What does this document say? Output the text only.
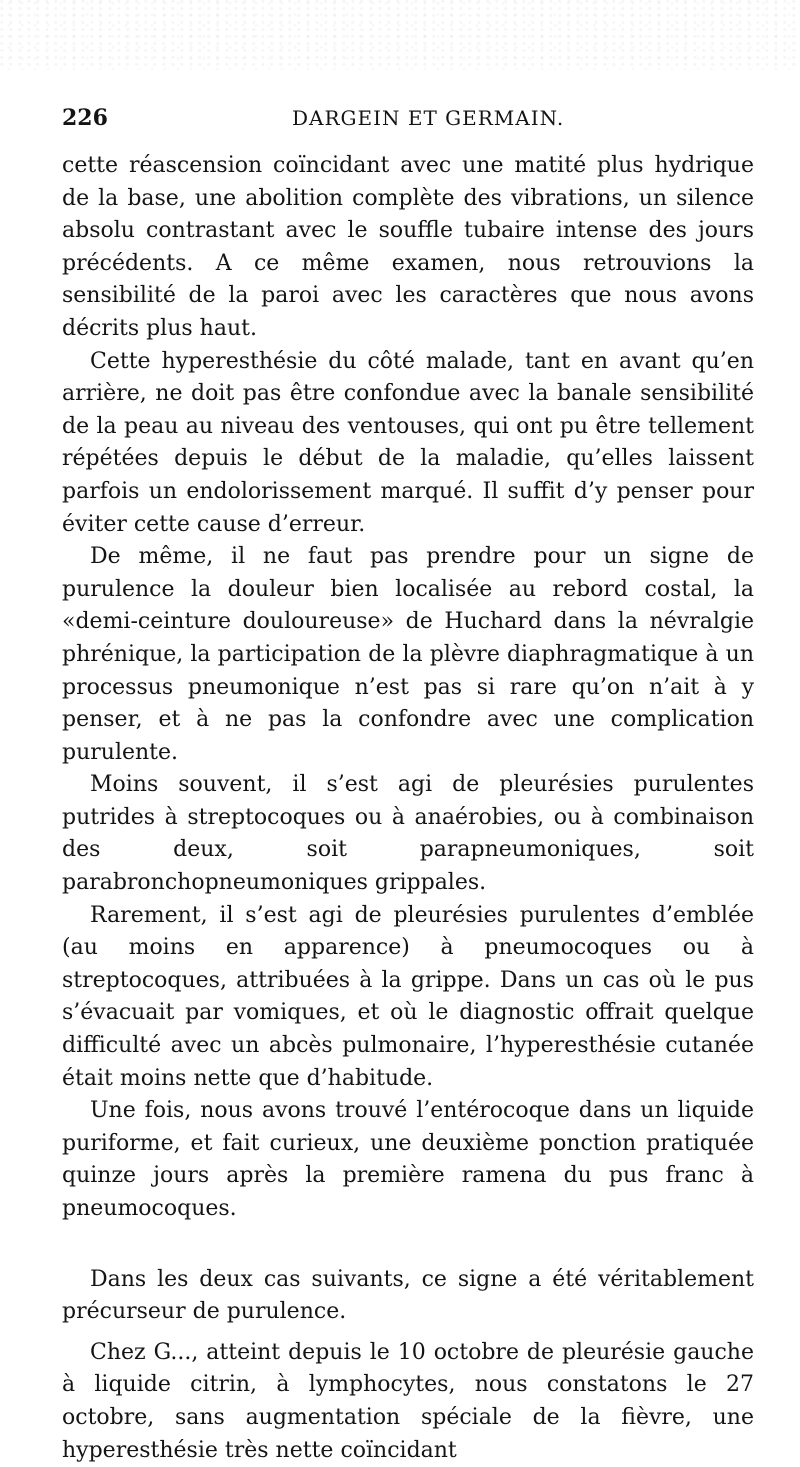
226	DARGEIN ET GERMAIN.

cette réascension coïncidant avec une matité plus hydrique de la base, une abolition complète des vibrations, un silence absolu contrastant avec le souffle tubaire intense des jours précédents. A ce même examen, nous retrouvions la sensibilité de la paroi avec les caractères que nous avons décrits plus haut.

Cette hyperesthésie du côté malade, tant en avant qu’en arrière, ne doit pas être confondue avec la banale sensibilité de la peau au niveau des ventouses, qui ont pu être tellement répétées depuis le début de la maladie, qu’elles laissent parfois un endolorissement marqué. Il suffit d’y penser pour éviter cette cause d’erreur.

De même, il ne faut pas prendre pour un signe de purulence la douleur bien localisée au rebord costal, la «demi-ceinture douloureuse» de Huchard dans la névralgie phrénique, la participation de la plèvre diaphragmatique à un processus pneumonique n’est pas si rare qu’on n’ait à y penser, et à ne pas la confondre avec une complication purulente.

Moins souvent, il s’est agi de pleurésies purulentes putrides à streptocoques ou à anaérobies, ou à combinaison des deux, soit parapneumoniques, soit parabronchopneumoniques grippales.

Rarement, il s’est agi de pleurésies purulentes d’emblée (au moins en apparence) à pneumocoques ou à streptocoques, attribuées à la grippe. Dans un cas où le pus s’évacuait par vomiques, et où le diagnostic offrait quelque difficulté avec un abcès pulmonaire, l’hyperesthésie cutanée était moins nette que d’habitude.

Une fois, nous avons trouvé l’entérocoque dans un liquide puriforme, et fait curieux, une deuxième ponction pratiquée quinze jours après la première ramena du pus franc à pneumocoques.

Dans les deux cas suivants, ce signe a été véritablement précurseur de purulence.

Chez G..., atteint depuis le 10 octobre de pleurésie gauche à liquide citrin, à lymphocytes, nous constatons le 27 octobre, sans augmentation spéciale de la fièvre, une hyperesthésie très nette coïncidant
